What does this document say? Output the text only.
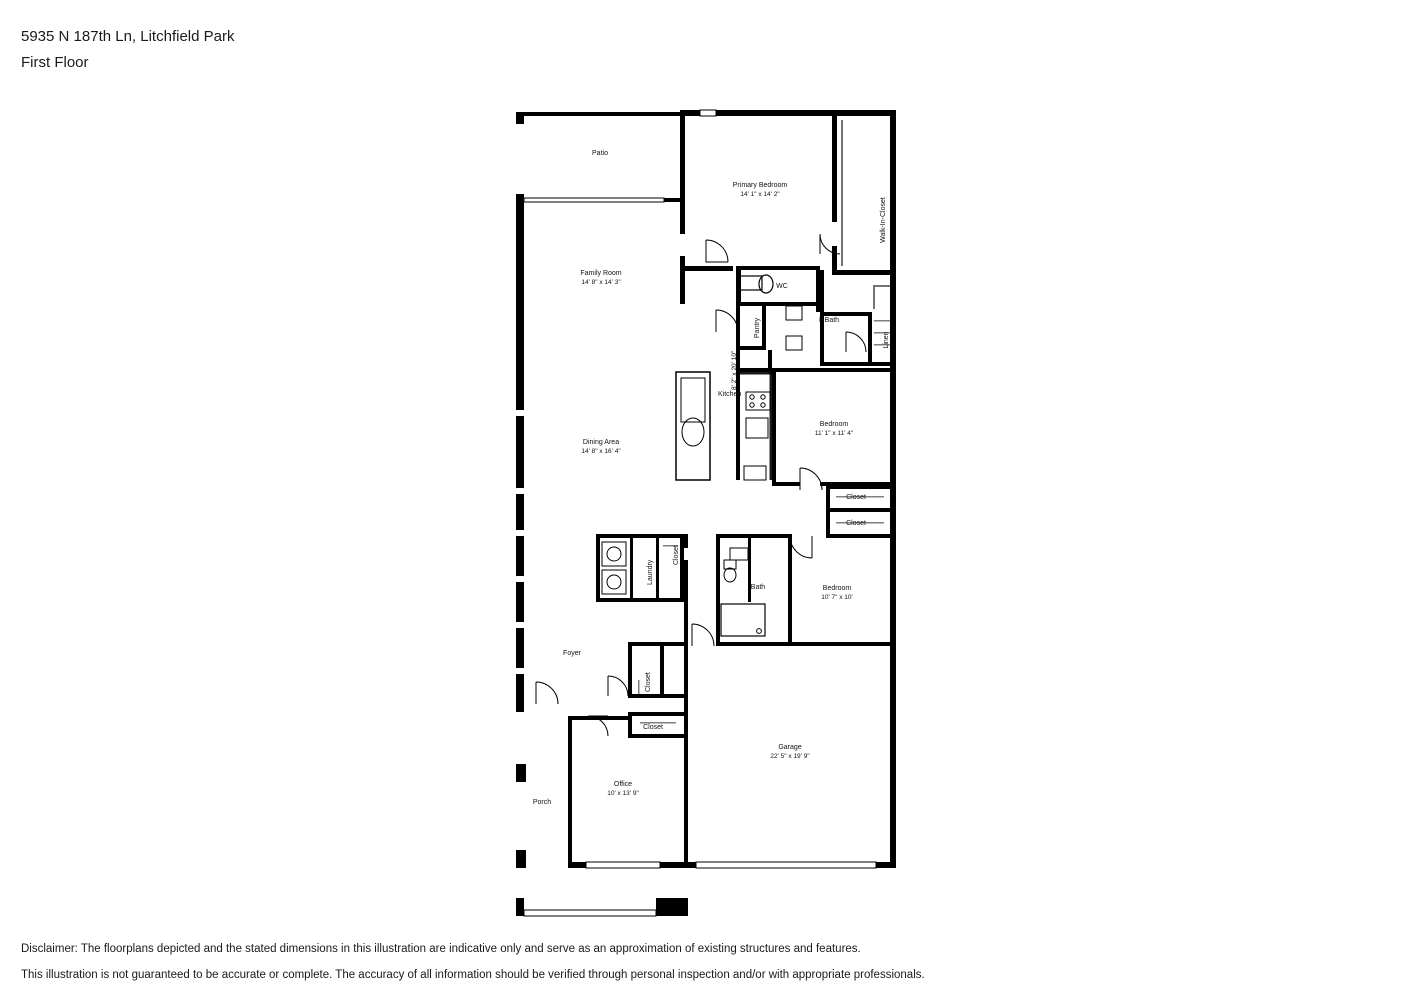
5935 N 187th Ln, Litchfield Park
First Floor
Patio
Primary Bedroom
14' 1" x 14' 2"
Walk-In-Closet
Family Room
14' 8" x 14' 3"
WC
Pantry	P.Bath
Linen
Kitchen
8' 2" x 20' 10"
Bedroom
11' 1" x 11' 4"
Dining Area
14' 8" x 16' 4"
Closet
Closet
Laundry
Closet
Bath	Bedroom
10' 7" x 10'
Foyer
Closet
Closet
Garage
22' 5" x 19' 9"
Office
10' x 13' 9"
Porch
Disclaimer: The floorplans depicted and the stated dimensions in this illustration are indicative only and serve as an approximation of existing structures and features.
This illustration is not guaranteed to be accurate or complete. The accuracy of all information should be verified through personal inspection and/or with appropriate professionals.
